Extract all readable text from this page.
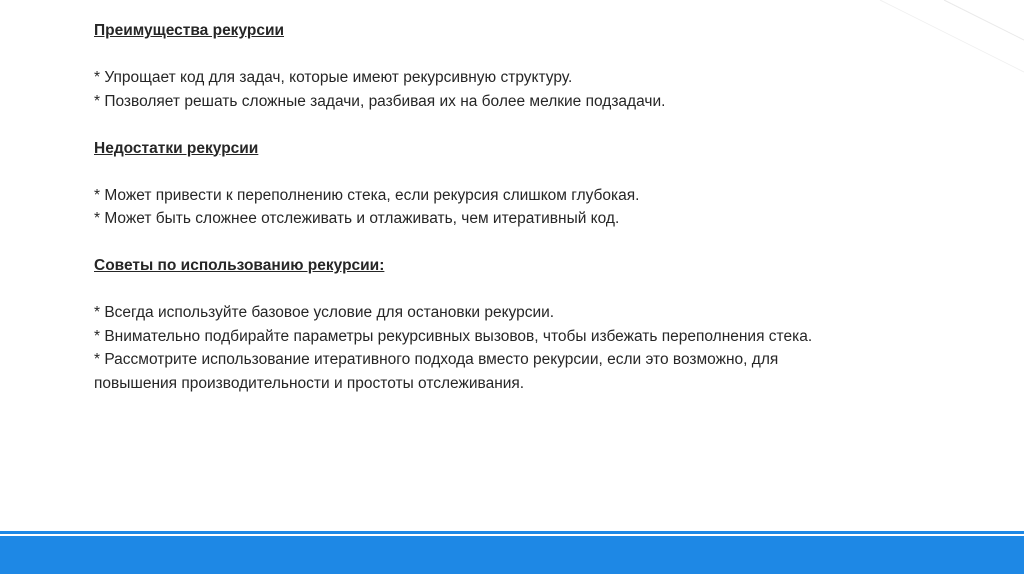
Преимущества рекурсии

* Упрощает код для задач, которые имеют рекурсивную структуру.

* Позволяет решать сложные задачи, разбивая их на более мелкие подзадачи.

Недостатки рекурсии

* Может привести к переполнению стека, если рекурсия слишком глубокая.

* Может быть сложнее отслеживать и отлаживать, чем итеративный код.

Советы по использованию рекурсии:

* Всегда используйте базовое условие для остановки рекурсии.

* Внимательно подбирайте параметры рекурсивных вызовов, чтобы избежать переполнения стека.

* Рассмотрите использование итеративного подхода вместо рекурсии, если это возможно, для

повышения производительности и простоты отслеживания.
